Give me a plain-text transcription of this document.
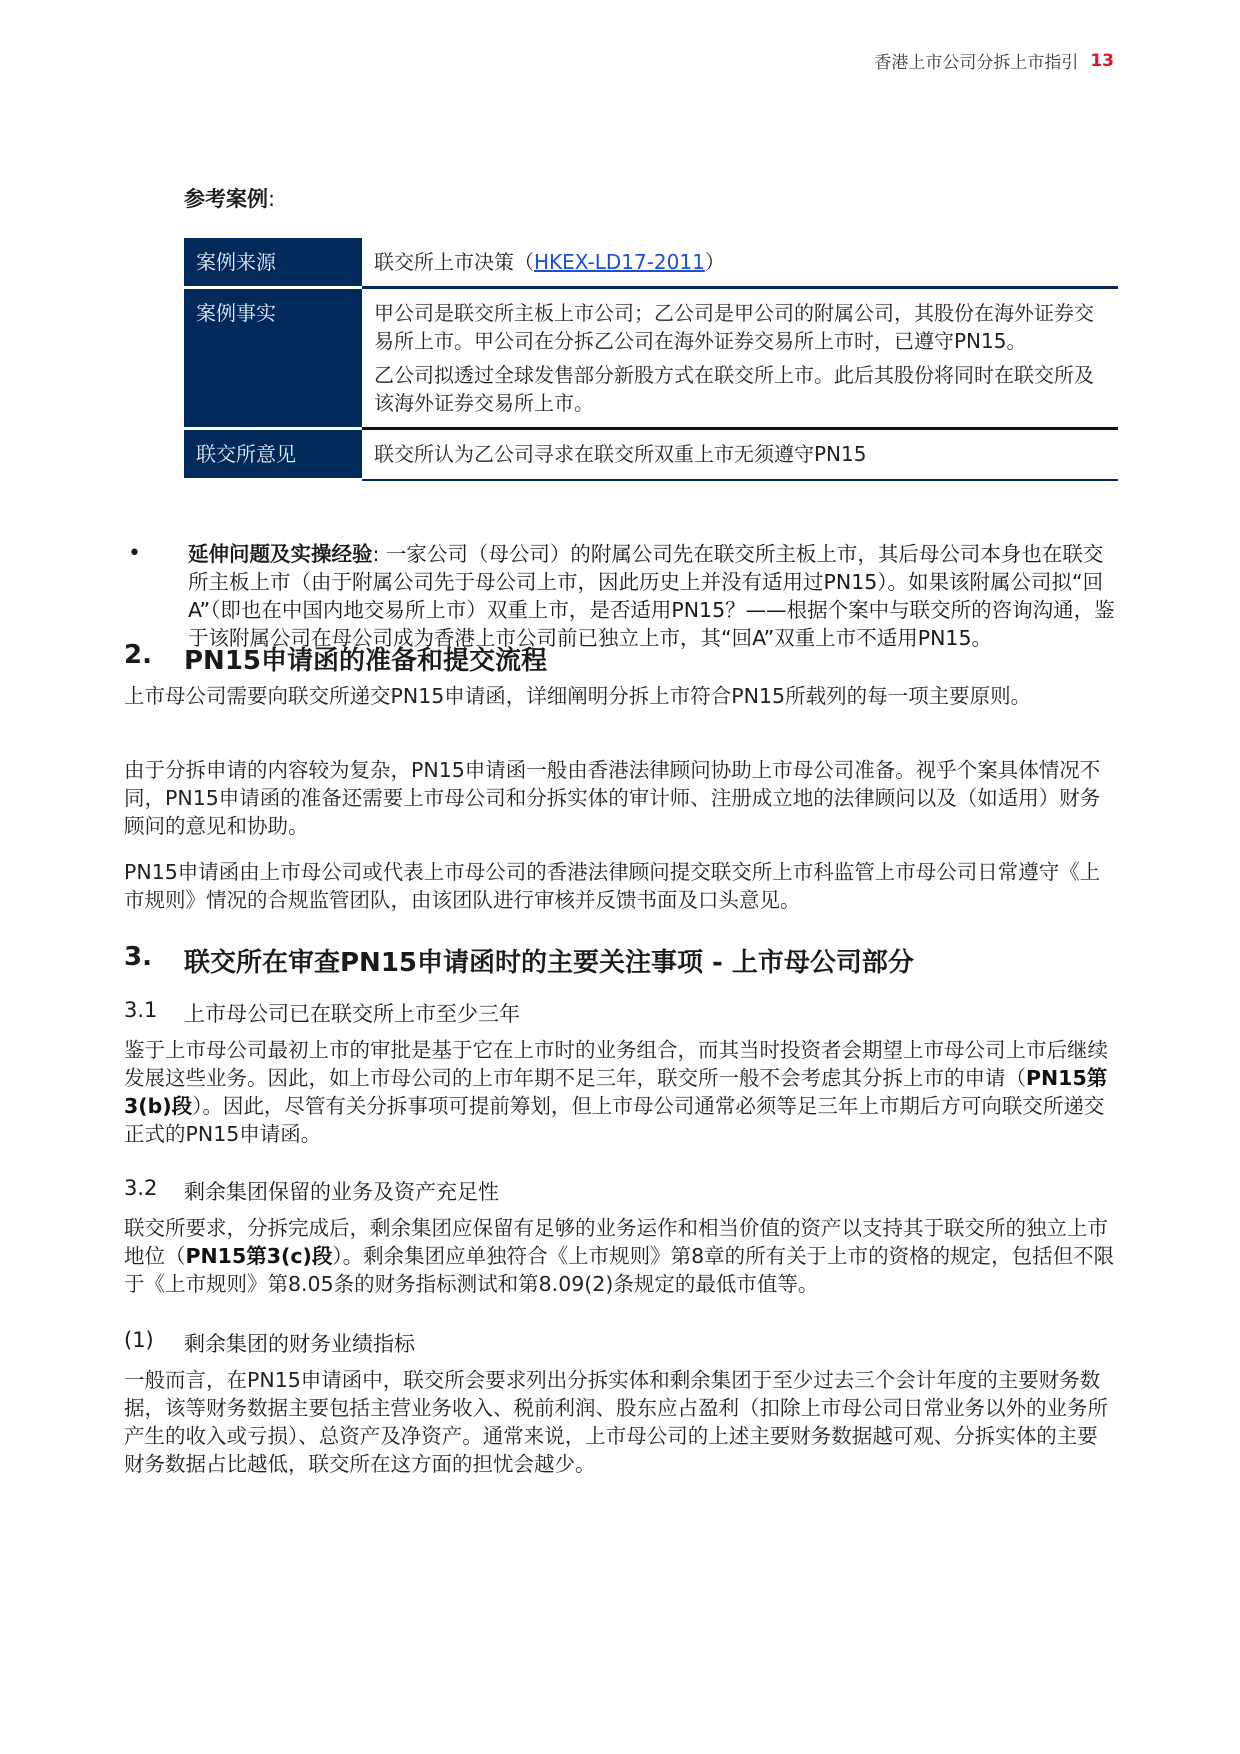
香港上市公司分拆上市指引 13
参考案例:
案例来源	联交所上市决策（HKEX-LD17-2011）
案例事实	甲公司是联交所主板上市公司；乙公司是甲公司的附属公司，其股份在海外证券交易所上市。甲公司在分拆乙公司在海外证券交易所上市时，已遵守PN15。

乙公司拟透过全球发售部分新股方式在联交所上市。此后其股份将同时在联交所及该海外证券交易所上市。

联交所意见	联交所认为乙公司寻求在联交所双重上市无须遵守PN15
•	延伸问题及实操经验: 一家公司（母公司）的附属公司先在联交所主板上市，其后母公司本身也在联交所主板上市（由于附属公司先于母公司上市，因此历史上并没有适用过PN15）。如果该附属公司拟“回A”（即也在中国内地交易所上市）双重上市，是否适用PN15？——根据个案中与联交所的咨询沟通，鉴于该附属公司在母公司成为香港上市公司前已独立上市，其“回A”双重上市不适用PN15。
2.	PN15申请函的准备和提交流程

上市母公司需要向联交所递交PN15申请函，详细阐明分拆上市符合PN15所载列的每一项主要原则。

由于分拆申请的内容较为复杂，PN15申请函一般由香港法律顾问协助上市母公司准备。视乎个案具体情况不同，PN15申请函的准备还需要上市母公司和分拆实体的审计师、注册成立地的法律顾问以及（如适用）财务顾问的意见和协助。

PN15申请函由上市母公司或代表上市母公司的香港法律顾问提交联交所上市科监管上市母公司日常遵守《上市规则》情况的合规监管团队，由该团队进行审核并反馈书面及口头意见。

3.	联交所在审查PN15申请函时的主要关注事项 - 上市母公司部分
3.1	上市母公司已在联交所上市至少三年

鉴于上市母公司最初上市的审批是基于它在上市时的业务组合，而其当时投资者会期望上市母公司上市后继续发展这些业务。因此，如上市母公司的上市年期不足三年，联交所一般不会考虑其分拆上市的申请（PN15第3(b)段）。因此，尽管有关分拆事项可提前筹划，但上市母公司通常必须等足三年上市期后方可向联交所递交正式的PN15申请函。

3.2	剩余集团保留的业务及资产充足性

联交所要求，分拆完成后，剩余集团应保留有足够的业务运作和相当价值的资产以支持其于联交所的独立上市地位（PN15第3(c)段）。剩余集团应单独符合《上市规则》第8章的所有关于上市的资格的规定，包括但不限于《上市规则》第8.05条的财务指标测试和第8.09(2)条规定的最低市值等。

(1)	剩余集团的财务业绩指标

一般而言，在PN15申请函中，联交所会要求列出分拆实体和剩余集团于至少过去三个会计年度的主要财务数据，该等财务数据主要包括主营业务收入、税前利润、股东应占盈利（扣除上市母公司日常业务以外的业务所产生的收入或亏损）、总资产及净资产。通常来说，上市母公司的上述主要财务数据越可观、分拆实体的主要财务数据占比越低，联交所在这方面的担忧会越少。
